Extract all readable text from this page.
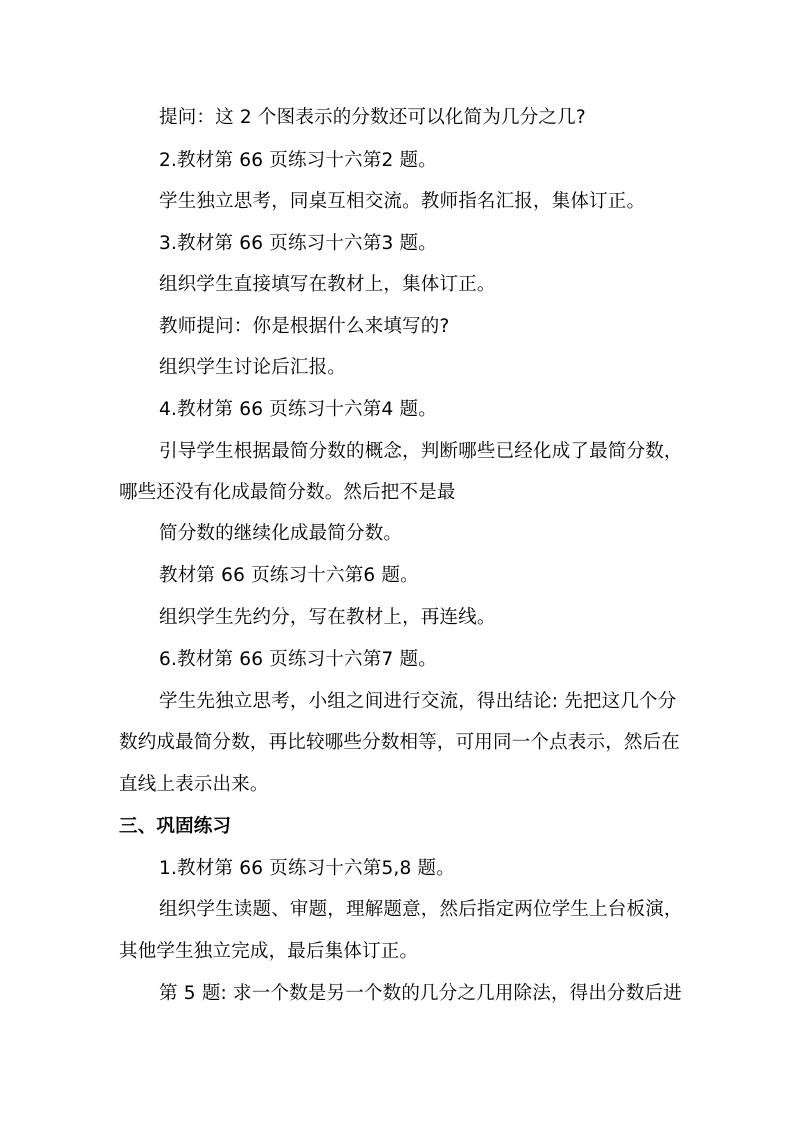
提问：这 2 个图表示的分数还可以化简为几分之几?
2.教材第 66 页练习十六第2 题。
学生独立思考，同桌互相交流。教师指名汇报，集体订正。
3.教材第 66 页练习十六第3 题。
组织学生直接填写在教材上，集体订正。
教师提问：你是根据什么来填写的?
组织学生讨论后汇报。
4.教材第 66 页练习十六第4 题。
引导学生根据最简分数的概念，判断哪些已经化成了最简分数，
哪些还没有化成最简分数。然后把不是最
简分数的继续化成最简分数。
教材第 66 页练习十六第6 题。
组织学生先约分，写在教材上，再连线。
6.教材第 66 页练习十六第7 题。
学生先独立思考，小组之间进行交流，得出结论: 先把这几个分
数约成最简分数，再比较哪些分数相等，可用同一个点表示，然后在
直线上表示出来。
三、巩固练习
1.教材第 66 页练习十六第5,8 题。
组织学生读题、审题，理解题意，然后指定两位学生上台板演，
其他学生独立完成，最后集体订正。
第 5 题: 求一个数是另一个数的几分之几用除法，得出分数后进
